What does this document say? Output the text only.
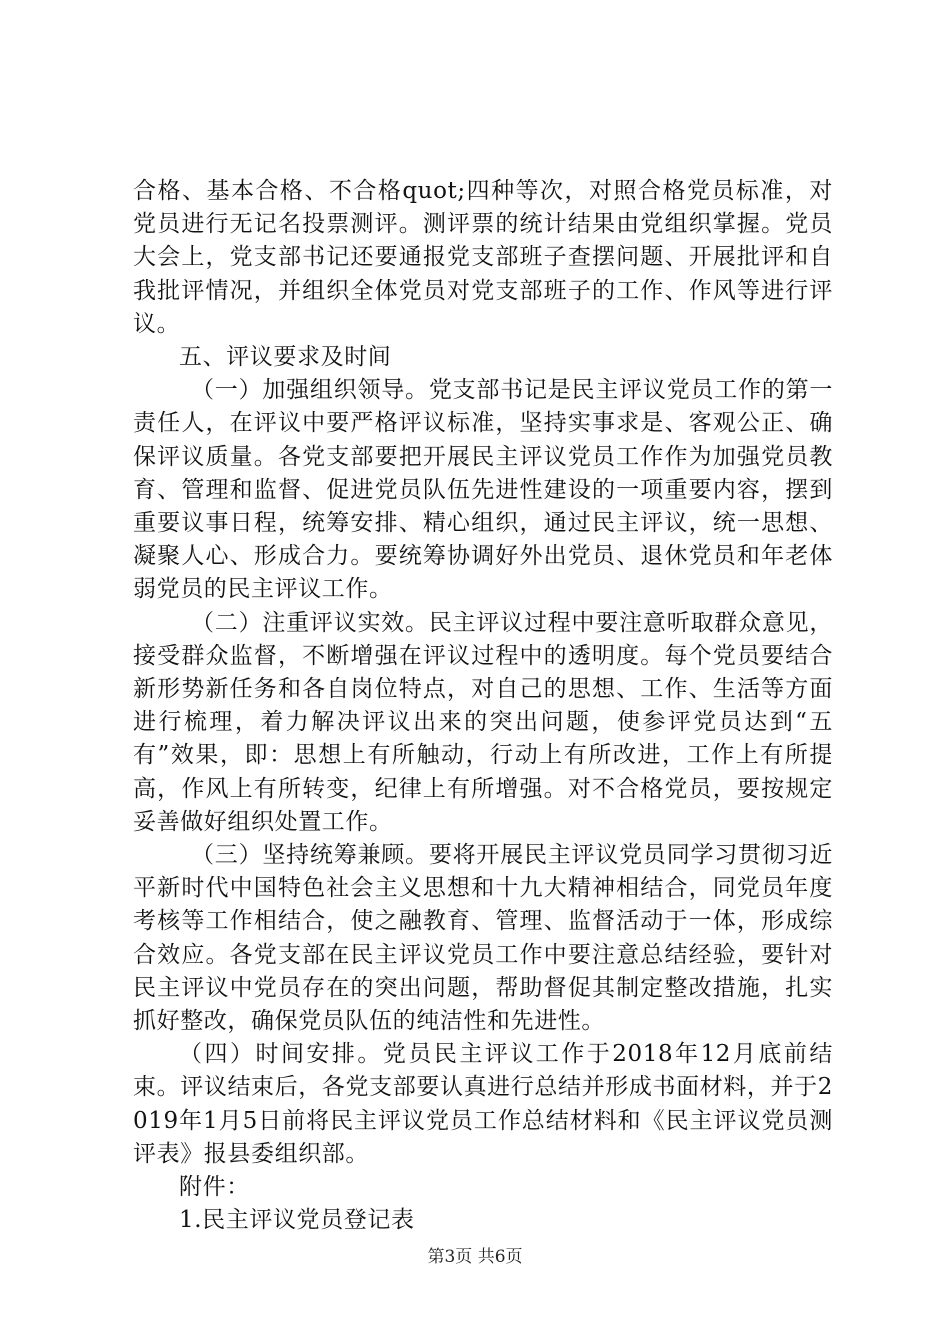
合格、基本合格、不合格quot;四种等次，对照合格党员标准，对党员进行无记名投票测评。测评票的统计结果由党组织掌握。党员大会上，党支部书记还要通报党支部班子查摆问题、开展批评和自我批评情况，并组织全体党员对党支部班子的工作、作风等进行评议。

五、评议要求及时间

（一）加强组织领导。党支部书记是民主评议党员工作的第一责任人，在评议中要严格评议标准，坚持实事求是、客观公正、确保评议质量。各党支部要把开展民主评议党员工作作为加强党员教育、管理和监督、促进党员队伍先进性建设的一项重要内容，摆到重要议事日程，统筹安排、精心组织，通过民主评议，统一思想、凝聚人心、形成合力。要统筹协调好外出党员、退休党员和年老体弱党员的民主评议工作。

（二）注重评议实效。民主评议过程中要注意听取群众意见，接受群众监督，不断增强在评议过程中的透明度。每个党员要结合新形势新任务和各自岗位特点，对自己的思想、工作、生活等方面进行梳理，着力解决评议出来的突出问题，使参评党员达到“五有”效果，即：思想上有所触动，行动上有所改进，工作上有所提高，作风上有所转变，纪律上有所增强。对不合格党员，要按规定妥善做好组织处置工作。

（三）坚持统筹兼顾。要将开展民主评议党员同学习贯彻习近平新时代中国特色社会主义思想和十九大精神相结合，同党员年度考核等工作相结合，使之融教育、管理、监督活动于一体，形成综合效应。各党支部在民主评议党员工作中要注意总结经验，要针对民主评议中党员存在的突出问题，帮助督促其制定整改措施，扎实抓好整改，确保党员队伍的纯洁性和先进性。

（四）时间安排。党员民主评议工作于2018年12月底前结束。评议结束后，各党支部要认真进行总结并形成书面材料，并于2019年1月5日前将民主评议党员工作总结材料和《民主评议党员测评表》报县委组织部。

附件：

1.民主评议党员登记表

第3页 共6页
